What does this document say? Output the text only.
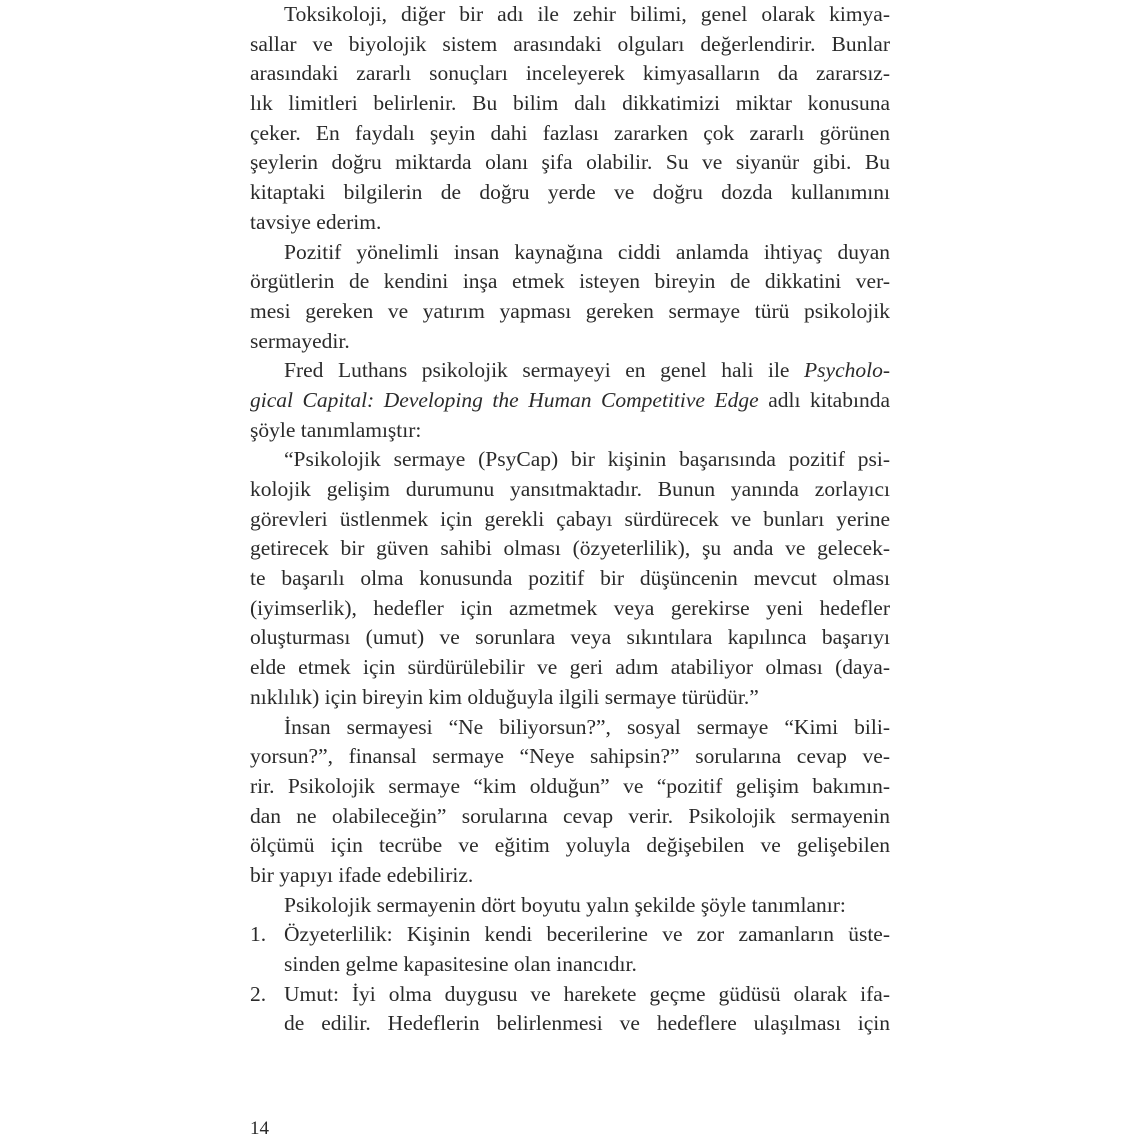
Toksikoloji, diğer bir adı ile zehir bilimi, genel olarak kimya-
sallar ve biyolojik sistem arasındaki olguları değerlendirir. Bunlar
arasındaki zararlı sonuçları inceleyerek kimyasalların da zararsız-
lık limitleri belirlenir. Bu bilim dalı dikkatimizi miktar konusuna
çeker. En faydalı şeyin dahi fazlası zararken çok zararlı görünen
şeylerin doğru miktarda olanı şifa olabilir. Su ve siyanür gibi. Bu
kitaptaki bilgilerin de doğru yerde ve doğru dozda kullanımını
tavsiye ederim.
Pozitif yönelimli insan kaynağına ciddi anlamda ihtiyaç duyan
örgütlerin de kendini inşa etmek isteyen bireyin de dikkatini ver-
mesi gereken ve yatırım yapması gereken sermaye türü psikolojik
sermayedir.
Fred Luthans psikolojik sermayeyi en genel hali ile Psycholo-
gical Capital: Developing the Human Competitive Edge adlı kitabında
şöyle tanımlamıştır:
“Psikolojik sermaye (PsyCap) bir kişinin başarısında pozitif psi-
kolojik gelişim durumunu yansıtmaktadır. Bunun yanında zorlayıcı
görevleri üstlenmek için gerekli çabayı sürdürecek ve bunları yerine
getirecek bir güven sahibi olması (özyeterlilik), şu anda ve gelecek-
te başarılı olma konusunda pozitif bir düşüncenin mevcut olması
(iyimserlik), hedefler için azmetmek veya gerekirse yeni hedefler
oluşturması (umut) ve sorunlara veya sıkıntılara kapılınca başarıyı
elde etmek için sürdürülebilir ve geri adım atabiliyor olması (daya-
nıklılık) için bireyin kim olduğuyla ilgili sermaye türüdür.”
İnsan sermayesi “Ne biliyorsun?”, sosyal sermaye “Kimi bili-
yorsun?”, finansal sermaye “Neye sahipsin?” sorularına cevap ve-
rir. Psikolojik sermaye “kim olduğun” ve “pozitif gelişim bakımın-
dan ne olabileceğin” sorularına cevap verir. Psikolojik sermayenin
ölçümü için tecrübe ve eğitim yoluyla değişebilen ve gelişebilen
bir yapıyı ifade edebiliriz.
Psikolojik sermayenin dört boyutu yalın şekilde şöyle tanımlanır:
1. Özyeterlilik: Kişinin kendi becerilerine ve zor zamanların üste-
sinden gelme kapasitesine olan inancıdır.
2. Umut: İyi olma duygusu ve harekete geçme güdüsü olarak ifa-
de edilir. Hedeflerin belirlenmesi ve hedeflere ulaşılması için
14
